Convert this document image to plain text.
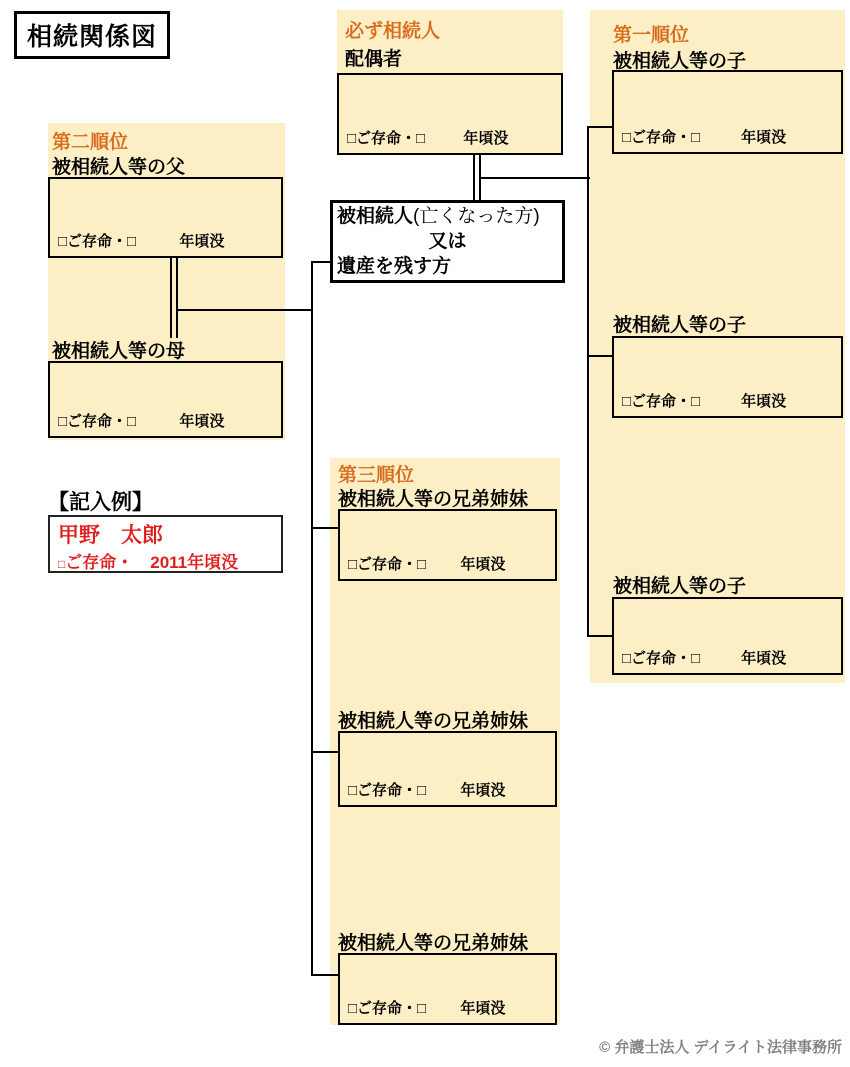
相続関係図	必ず相続人
配偶者
□ご存命・□	年頃没
第一順位
被相続人等の子
□ご存命・□	年頃没
被相続人等の子
□ご存命・□	年頃没
被相続人等の子
□ご存命・□	年頃没
第二順位
被相続人等の父
□ご存命・□	年頃没
被相続人等の母
□ご存命・□	年頃没
被相続人(亡くなった方)
又は
遺産を残す方
【記入例】
甲野　太郎
□ご存命・　2011年頃没
第三順位
被相続人等の兄弟姉妹
□ご存命・□ 年頃没
被相続人等の兄弟姉妹
□ご存命・□ 年頃没
被相続人等の兄弟姉妹
□ご存命・□ 年頃没
© 弁護士法人 デイライト法律事務所
